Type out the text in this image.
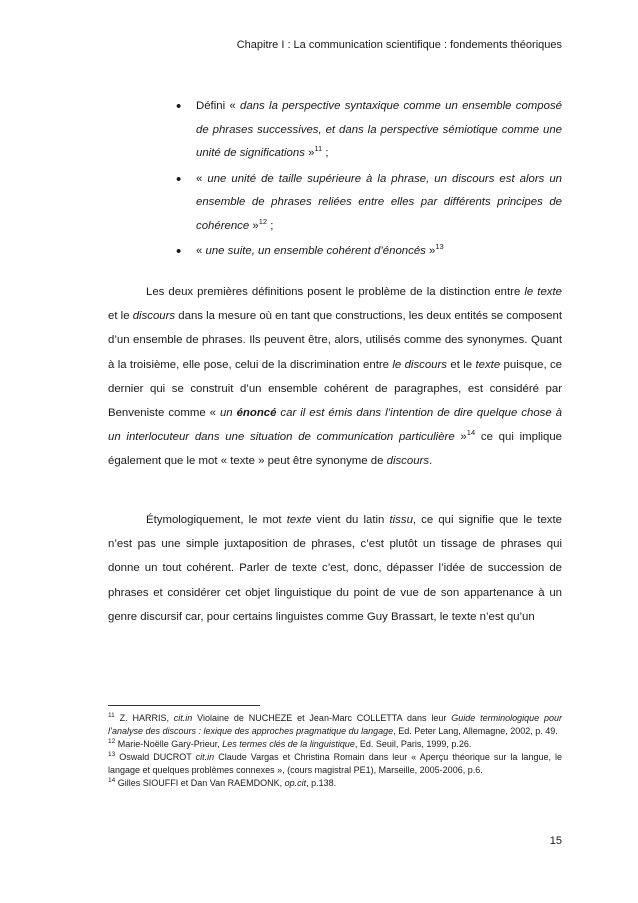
Chapitre I : La communication scientifique : fondements théoriques
• Défini « dans la perspective syntaxique comme un ensemble composé de phrases successives, et dans la perspective sémiotique comme une unité de significations »$^{11}$ ;
• « une unité de taille supérieure à la phrase, un discours est alors un ensemble de phrases reliées entre elles par différents principes de cohérence »$^{12}$ ;
• « une suite, un ensemble cohérent d’énoncés »$^{13}$
Les deux premières définitions posent le problème de la distinction entre le texte et le discours dans la mesure où en tant que constructions, les deux entités se composent d’un ensemble de phrases. Ils peuvent être, alors, utilisés comme des synonymes. Quant à la troisième, elle pose, celui de la discrimination entre le discours et le texte puisque, ce dernier qui se construit d’un ensemble cohérent de paragraphes, est considéré par Benveniste comme « un énoncé car il est émis dans l’intention de dire quelque chose à un interlocuteur dans une situation de communication particulière »$^{14}$ ce qui implique également que le mot « texte » peut être synonyme de discours.
Étymologiquement, le mot texte vient du latin tissu, ce qui signifie que le texte n’est pas une simple juxtaposition de phrases, c’est plutôt un tissage de phrases qui donne un tout cohérent. Parler de texte c’est, donc, dépasser l’idée de succession de phrases et considérer cet objet linguistique du point de vue de son appartenance à un genre discursif car, pour certains linguistes comme Guy Brassart, le texte n’est qu’un

$^{11}$ Z. HARRIS, cit.in Violaine de NUCHEZE et Jean-Marc COLLETTA dans leur Guide terminologique pour l’analyse des discours : lexique des approches pragmatique du langage, Ed. Peter Lang, Allemagne, 2002, p. 49.

$^{12}$ Marie-Noëlle Gary-Prieur, Les termes clés de la linguistique, Ed. Seuil, Paris, 1999, p.26.

$^{13}$ Oswald DUCROT cit.in Claude Vargas et Christina Romain dans leur « Aperçu théorique sur la langue, le langage et quelques problèmes connexes », (cours magistral PE1), Marseille, 2005-2006, p.6.

$^{14}$ Gilles SIOUFFI et Dan Van RAEMDONK, op.cit, p.138.

15
